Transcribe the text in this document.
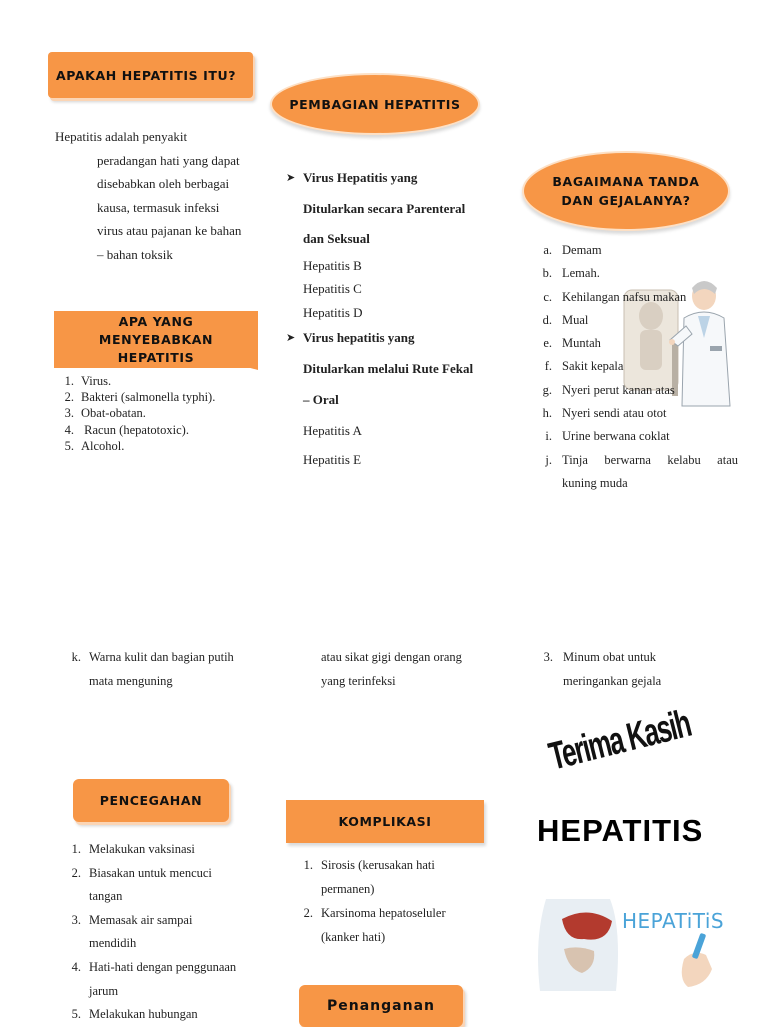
APAKAH HEPATITIS ITU?
Hepatitis adalah penyakit
peradangan hati yang dapat
disebabkan oleh berbagai
kausa, termasuk infeksi
virus atau pajanan ke bahan
– bahan toksik
APA YANG MENYEBABKAN HEPATITIS
1. Virus.
2. Bakteri (salmonella typhi).
3. Obat-obatan.
4. Racun (hepatotoxic).
5. Alcohol.
PEMBAGIAN HEPATITIS
➤ Virus Hepatitis yang
Ditularkan secara Parenteral
dan Seksual
Hepatitis B
Hepatitis C
Hepatitis D
➤ Virus hepatitis yang
Ditularkan melalui Rute Fekal
– Oral
Hepatitis A
Hepatitis E
BAGAIMANA TANDA DAN GEJALANYA?
a. Demam
b. Lemah.
c. Kehilangan nafsu makan
d. Mual
e. Muntah
f. Sakit kepala
g. Nyeri perut kanan atas
h. Nyeri sendi atau otot
i. Urine berwana coklat
j. Tinja berwarna kelabu atau
kuning muda
k. Warna kulit dan bagian putih
mata menguning
atau sikat gigi dengan orang
yang terinfeksi
3. Minum obat untuk
meringankan gejala
PENCEGAHAN
1. Melakukan vaksinasi
2. Biasakan untuk mencuci
tangan
3. Memasak air sampai
mendidih
4. Hati-hati dengan penggunaan
jarum
5. Melakukan hubungan
KOMPLIKASI
1. Sirosis (kerusakan hati
permanen)
2. Karsinoma hepatoseluler
(kanker hati)
Penanganan
Terima Kasih
HEPATITIS
HEPATiTiS
